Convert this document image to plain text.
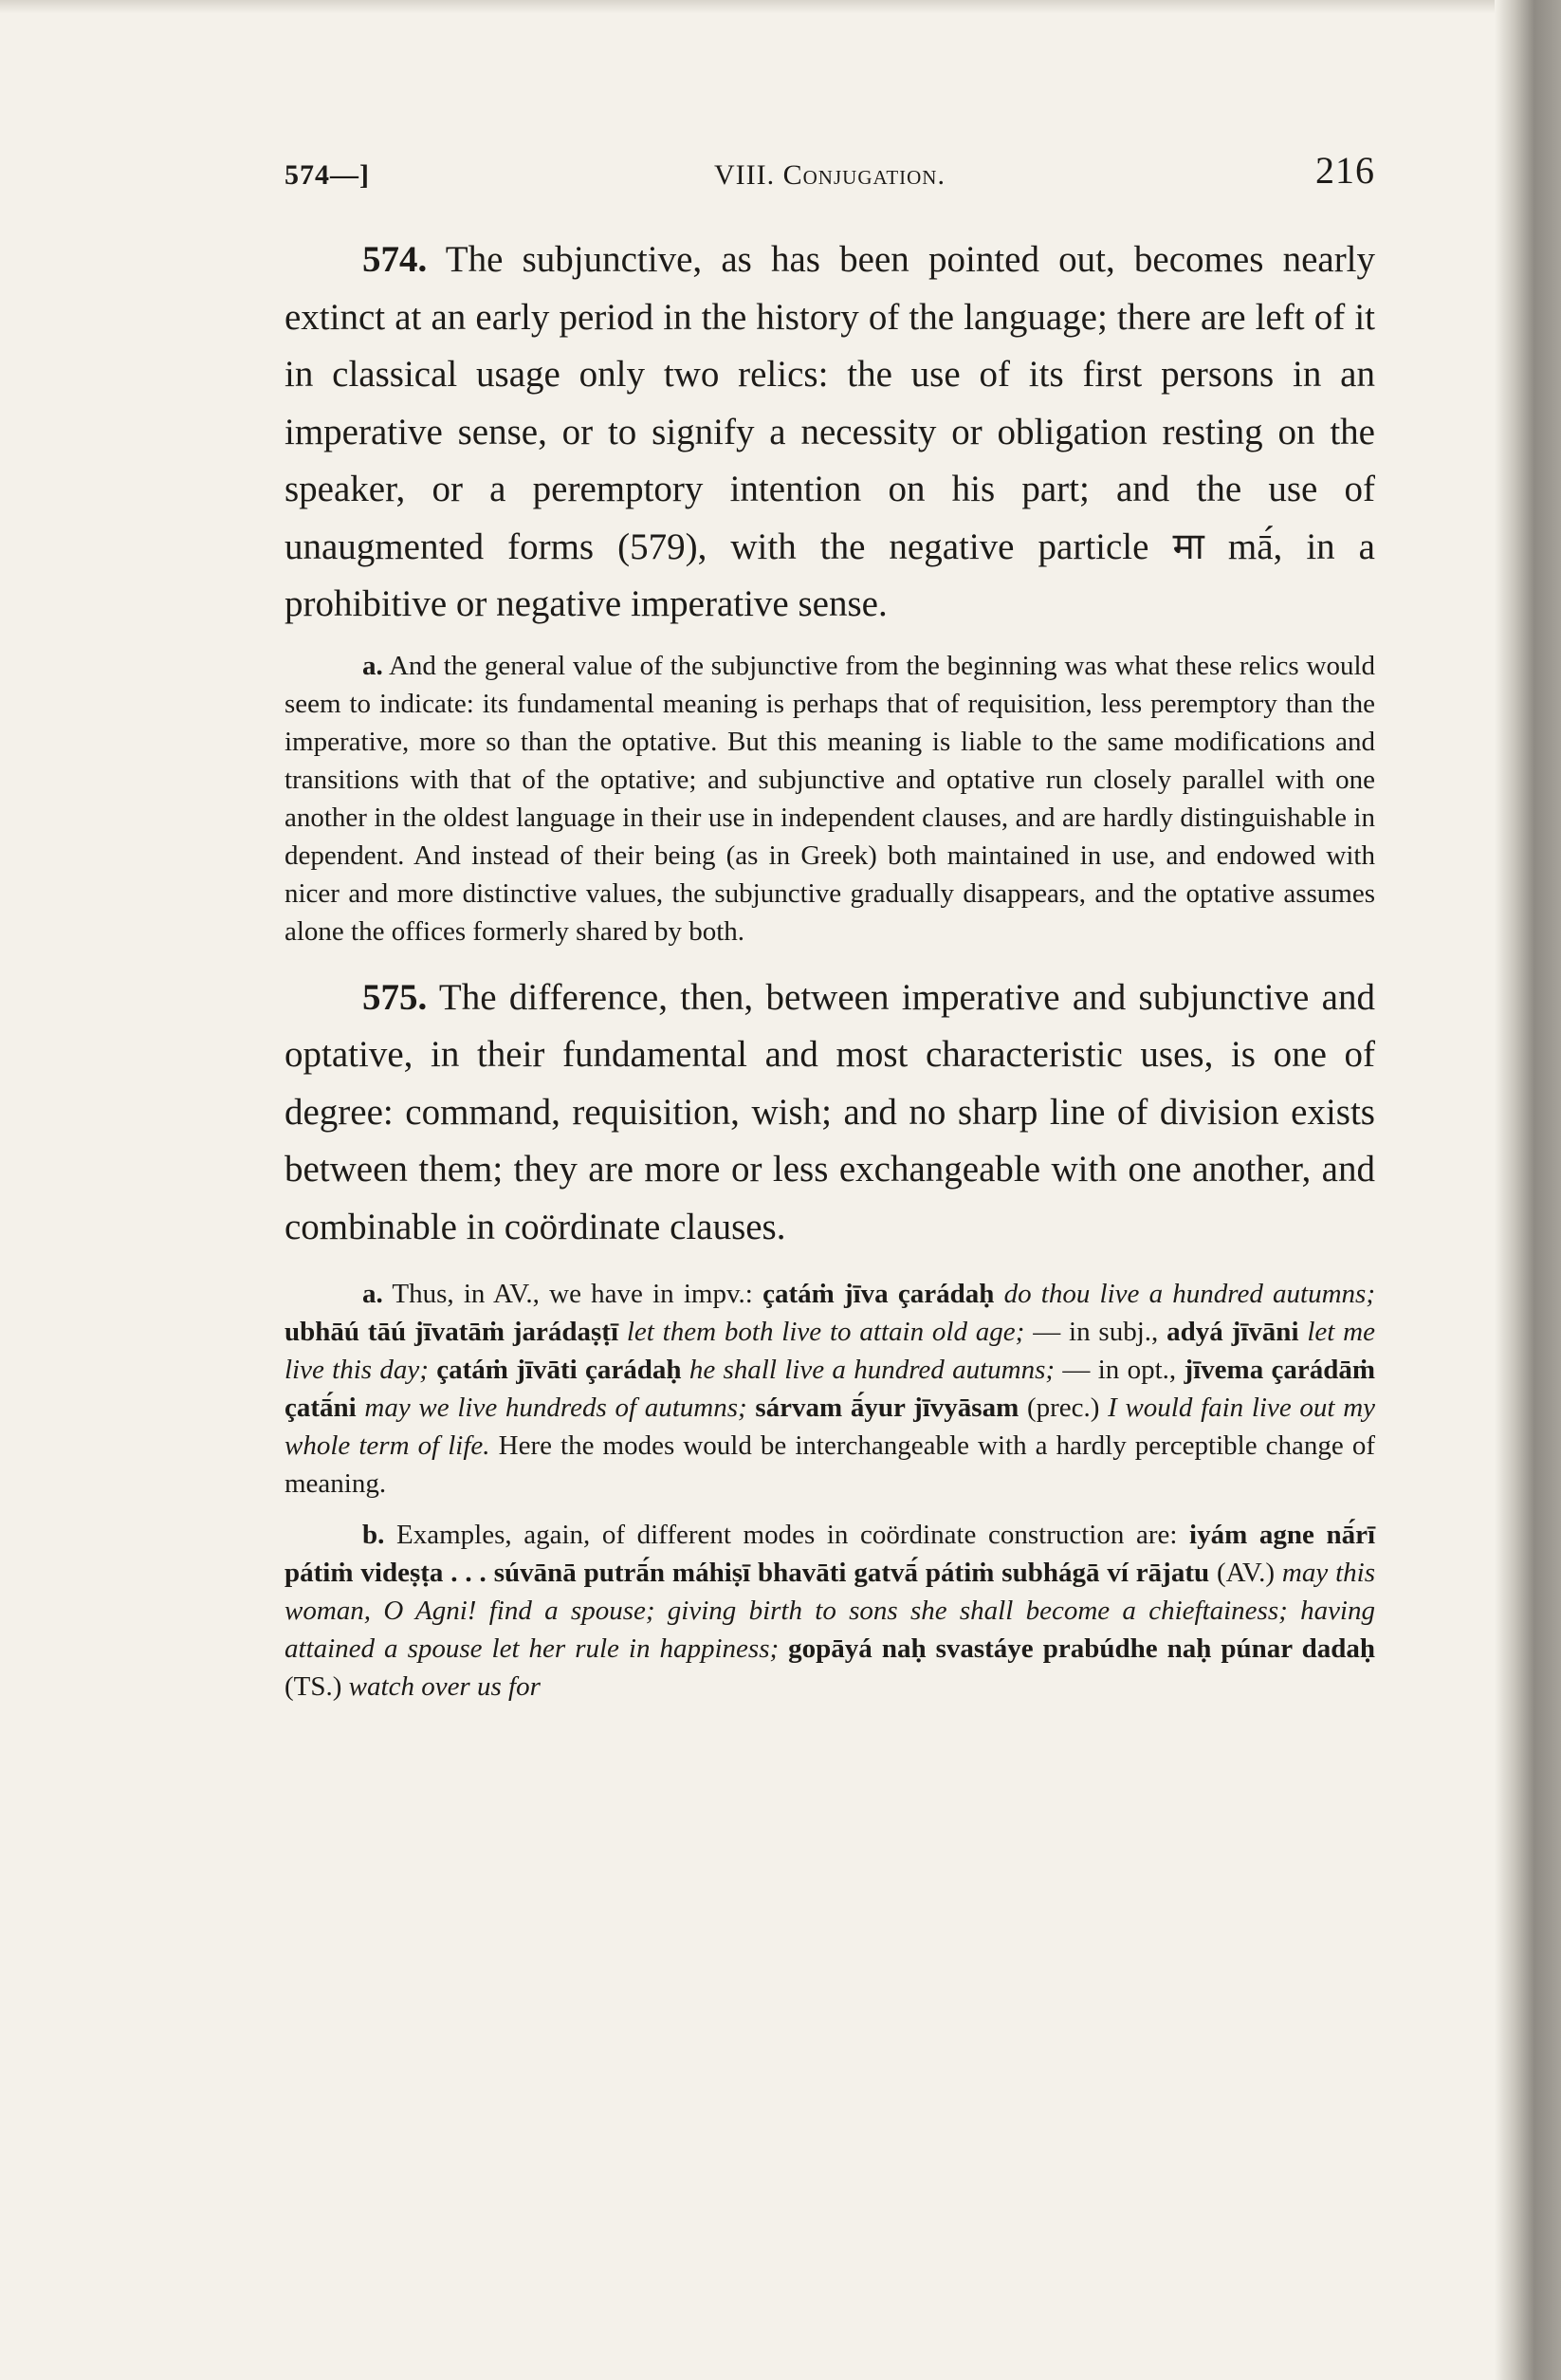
574—]	VIII. Conjugation.	216

574. The subjunctive, as has been pointed out, becomes nearly extinct at an early period in the history of the language; there are left of it in classical usage only two relics: the use of its first persons in an imperative sense, or to signify a necessity or obligation resting on the speaker, or a peremptory intention on his part; and the use of unaugmented forms (579), with the negative particle मा mā́, in a prohibitive or negative imperative sense.

a. And the general value of the subjunctive from the beginning was what these relics would seem to indicate: its fundamental meaning is perhaps that of requisition, less peremptory than the imperative, more so than the optative. But this meaning is liable to the same modifications and transitions with that of the optative; and subjunctive and optative run closely parallel with one another in the oldest language in their use in independent clauses, and are hardly distinguishable in dependent. And instead of their being (as in Greek) both maintained in use, and endowed with nicer and more distinctive values, the subjunctive gradually disappears, and the optative assumes alone the offices formerly shared by both.

575. The difference, then, between imperative and subjunctive and optative, in their fundamental and most characteristic uses, is one of degree: command, requisition, wish; and no sharp line of division exists between them; they are more or less exchangeable with one another, and combinable in coördinate clauses.

a. Thus, in AV., we have in impv.: çatáṁ jīva çarádaḥ do thou live a hundred autumns; ubhāú tāú jīvatāṁ jarádaṣṭī let them both live to attain old age; — in subj., adyá jīvāni let me live this day; çatáṁ jīvāti çarádaḥ he shall live a hundred autumns; — in opt., jīvema çarádāṁ çatā́ni may we live hundreds of autumns; sárvam ā́yur jīvyāsam (prec.) I would fain live out my whole term of life. Here the modes would be interchangeable with a hardly perceptible change of meaning.

b. Examples, again, of different modes in coördinate construction are: iyám agne nā́rī pátiṁ videṣṭa . . . súvānā putrā́n máhiṣī bhavāti gatvā́ pátiṁ subhágā ví rājatu (AV.) may this woman, O Agni! find a spouse; giving birth to sons she shall become a chieftainess; having attained a spouse let her rule in happiness; gopāyá naḥ svastáye prabúdhe naḥ púnar dadaḥ (TS.) watch over us for
